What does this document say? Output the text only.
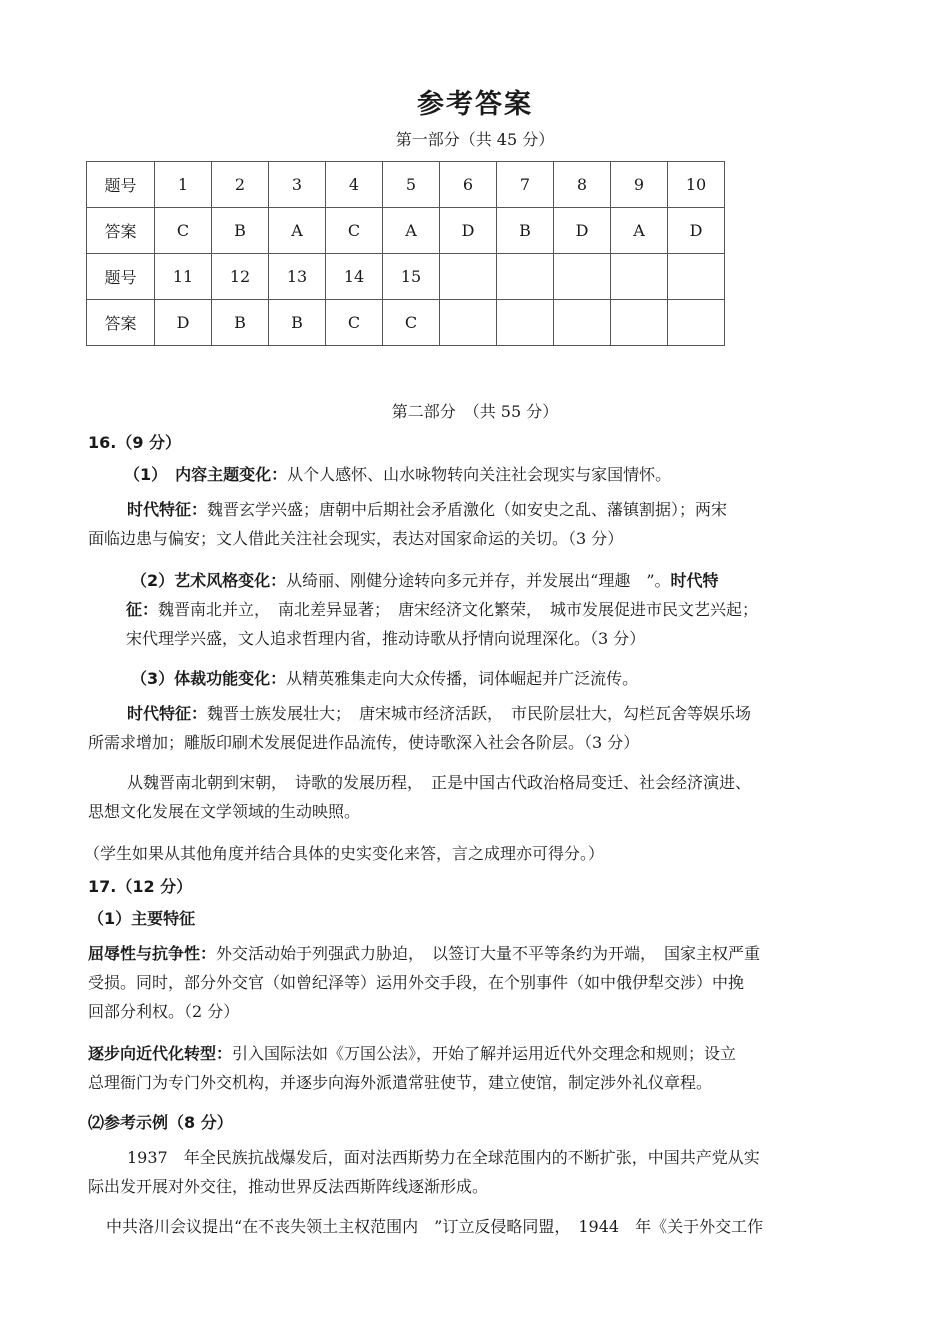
参考答案
第一部分（共 45 分）
题号	1	2	3	4	5	6	7	8	9	10
答案	C	B	A	C	A	D	B	D	A	D
题号	11	12	13	14	15					
答案	D	B	B	C	C					
第二部分　（共 55 分）
16.（9 分）
（1）　内容主题变化：从个人感怀、山水咏物转向关注社会现实与家国情怀。
时代特征：魏晋玄学兴盛；唐朝中后期社会矛盾激化（如安史之乱、藩镇割据）；两宋
面临边患与偏安；文人借此关注社会现实，表达对国家命运的关切。（3 分）
（2）艺术风格变化：从绮丽、刚健分途转向多元并存，并发展出“理趣　”。时代特
征：魏晋南北并立，　南北差异显著；　唐宋经济文化繁荣，　城市发展促进市民文艺兴起；
宋代理学兴盛，文人追求哲理内省，推动诗歌从抒情向说理深化。（3 分）
（3）体裁功能变化：从精英雅集走向大众传播，词体崛起并广泛流传。
时代特征：魏晋士族发展壮大；　唐宋城市经济活跃，　市民阶层壮大，勾栏瓦舍等娱乐场
所需求增加；雕版印刷术发展促进作品流传，使诗歌深入社会各阶层。（3 分）
从魏晋南北朝到宋朝，　诗歌的发展历程，　正是中国古代政治格局变迁、社会经济演进、
思想文化发展在文学领域的生动映照。
（学生如果从其他角度并结合具体的史实变化来答，言之成理亦可得分。）
17.（12 分）
（1）主要特征
屈辱性与抗争性：外交活动始于列强武力胁迫，　以签订大量不平等条约为开端，　国家主权严重
受损。同时，部分外交官（如曾纪泽等）运用外交手段，在个别事件（如中俄伊犁交涉）中挽
回部分利权。（2 分）
逐步向近代化转型：引入国际法如《万国公法》，开始了解并运用近代外交理念和规则；设立
总理衙门为专门外交机构，并逐步向海外派遣常驻使节，建立使馆，制定涉外礼仪章程。
⑵参考示例（8 分）
1937　年全民族抗战爆发后，面对法西斯势力在全球范围内的不断扩张，中国共产党从实
际出发开展对外交往，推动世界反法西斯阵线逐渐形成。
中共洛川会议提出“在不丧失领土主权范围内　”订立反侵略同盟，　1944　年《关于外交工作
